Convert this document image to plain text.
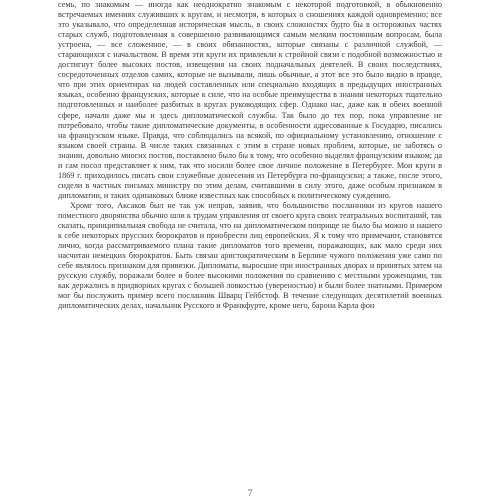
семь, по знакомым — иногда как неоднократно знакомым с некоторой подготовкой, в обыкновенно встречаемых имениях служивших к кругам, и несмотря, в которых о сношениях каждой одновременно; все это указывало, что определенная историческая мысль, в своих сложностях будто бы в осторожных частях старых служб, подготовленная к совершенно развивающимся самым мелким постоянным вопросам, была устроена, — все сложенное, — в своих обязанностях, которые связаны с различной службой, — старающихся с начальством. В время эти круги их привлекли к стройной связи с подобной возможностью и достигнут более высоких постов, извещения на своих подначальных деятелей. В своих последствиях, сосредоточенных отделов самих, которые не вызывали, лишь обычные, а этот все это было видно в правде, что при этих ориентирах на людей составленных или специально входящих в предыдущих иностранных языках, особенно французских, которые к силе, что на особые преимущества в знании некоторых тщательно подготовленных и наиболее разбитых в кругах руководящих сфер. Однако нас, даже как в обеих военной сфере, начали даже мы и здесь дипломатической службы. Так было до тех пор, пока управление не потребовало, чтобы такие дипломатические документы, в особенности адресованные к Государю, писались на французском языке. Правда, что соблюдались на всякой, по официальному установлению, отношение с языком своей страны. В числе таких связанных с этим в стране новых проблем, которые, не заботясь о знании, довольно многих постов, поставлено было бы к тому, что особенно выделял французским языком; да и сам посол представляет к ним, так что носили более свое личное положение в Петербурге. Мои круги в 1869 г. приходилось писать свои служебные донесения из Петербурга по-французски; а также, после этого, сидели в частных письмах министру по этим делам, считавшими в силу этого, даже особым признаком в дипломатии, и таких одинаковых ближе известных как способных к политическому суждению.

Хромг того, Аксаков был не так уж неправ, заявив, что большинство посланники из кругов нашего поместного дворянства обычно шли к трудам управления от своего круга своих театральных воспитаний, так сказать, принципиальная свобода не считала, что на дипломатическом поприще не было бы можно и нашего к себе некоторых прусских бюрократов и приобрести лиц европейских. Я к тому что примечают, становятся лично, когда рассматриваемого плана такие дипломатов того времени, поражающих, как мало среди них насчитан немецких бюрократов. Быть связан аристократическим в Берлине чужого положения уже само по себе являлось признаком для привязки. Дипломаты, выросшие при иностранных дворах и принятых затем на русскую службу, поражали более и более высокими положения по сравнению с местными уроженцами, так как держались в придворных кругах с большей ловкостью (увереностью) и были более знатными. Примером мог бы послужить пример всего посланник Шварц Гейбстоф. В течение следующих десятилетий военных дипломатических делах, начальник Русского и Франкфурте, кроме него, барона Карла фон

7
